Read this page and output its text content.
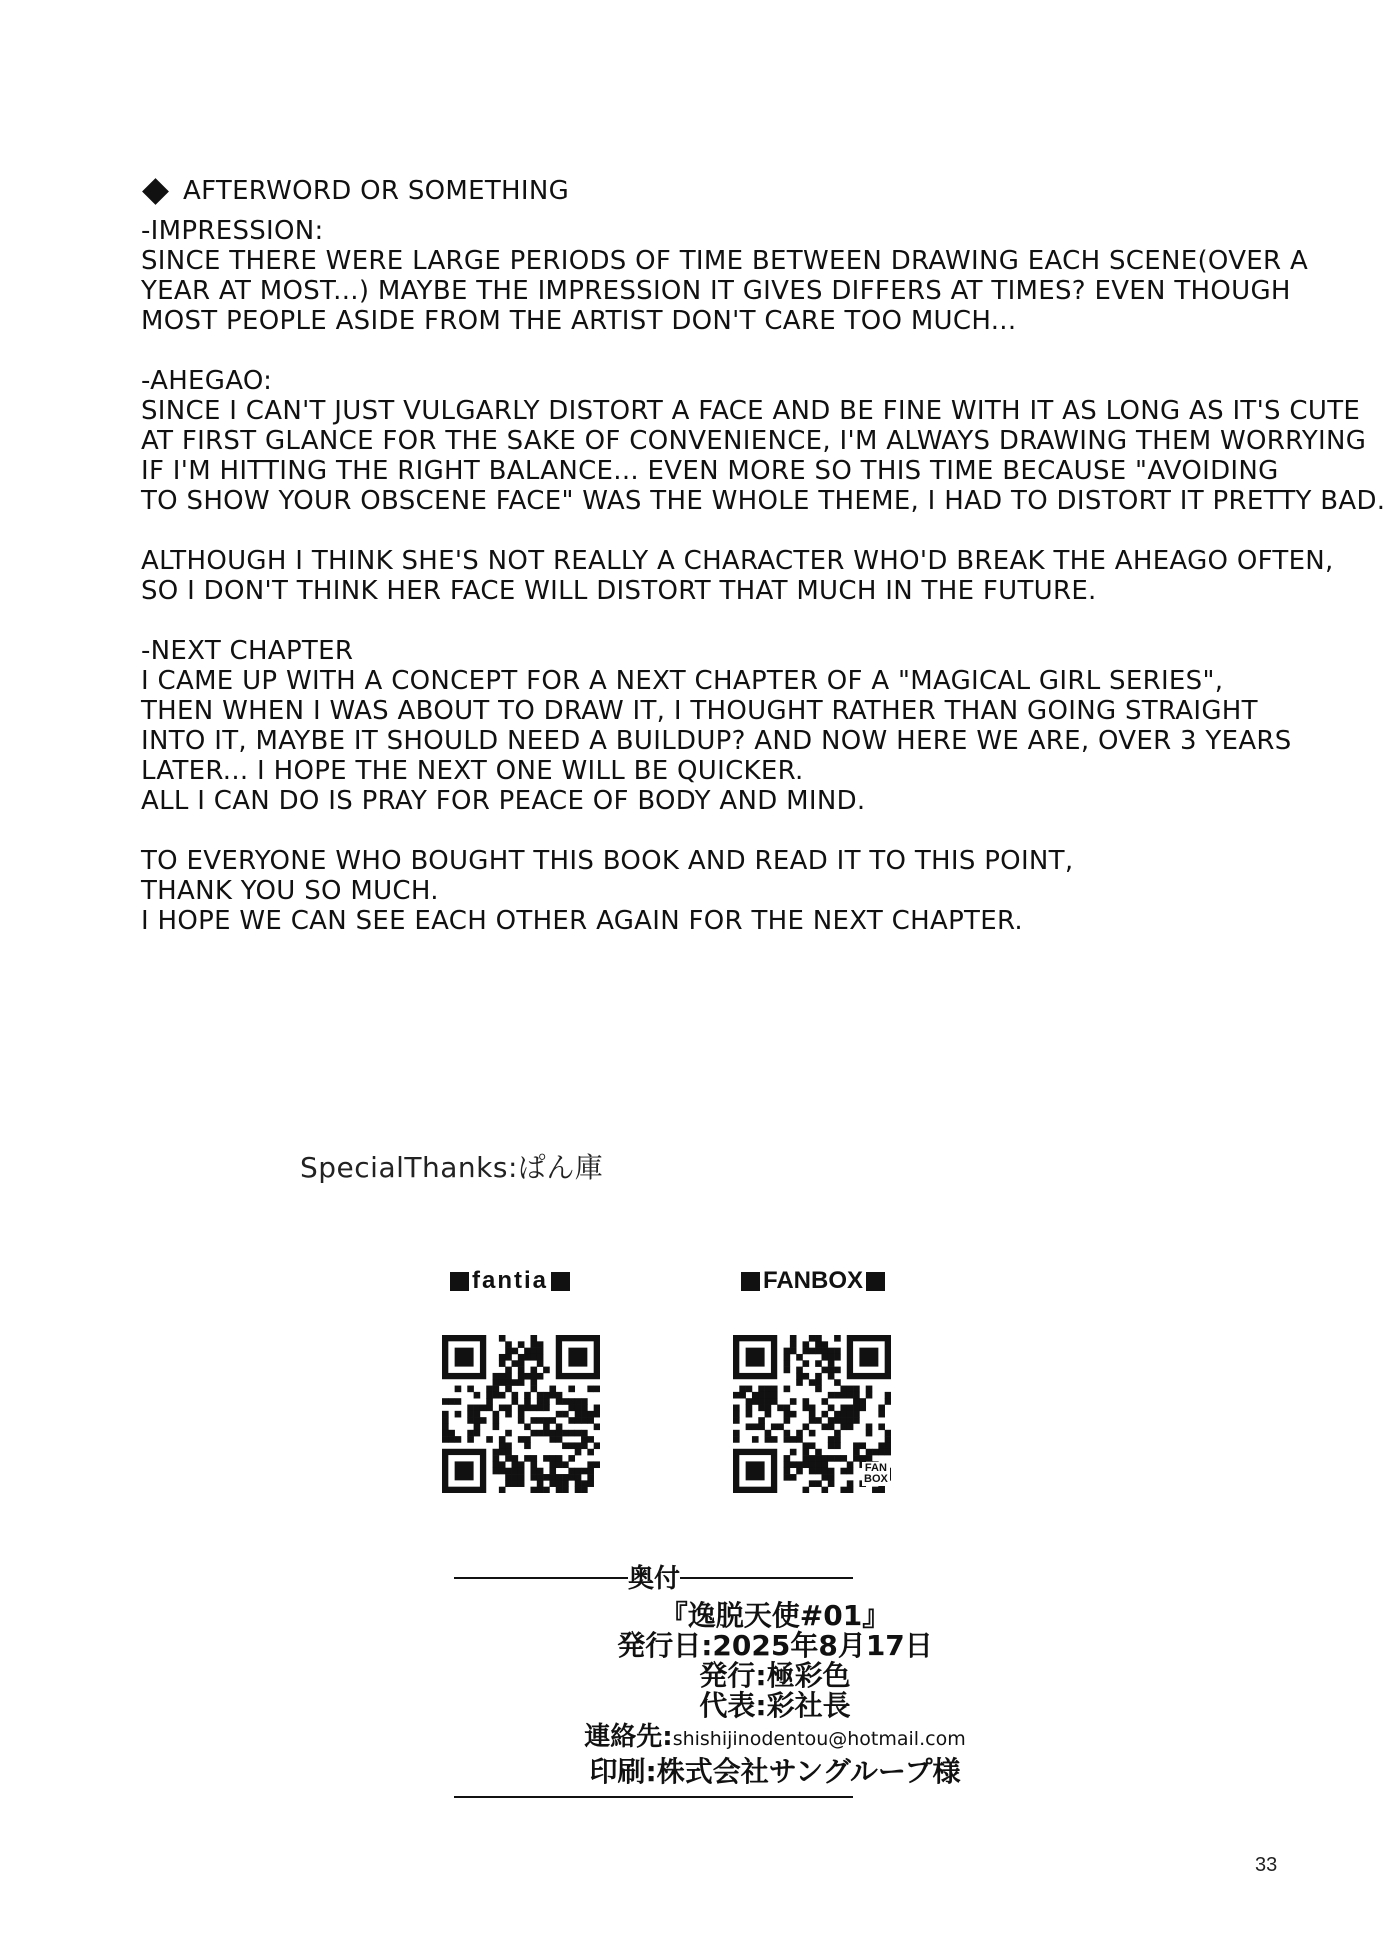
AFTERWORD OR SOMETHING
-IMPRESSION:
SINCE THERE WERE LARGE PERIODS OF TIME BETWEEN DRAWING EACH SCENE(OVER A
YEAR AT MOST...) MAYBE THE IMPRESSION IT GIVES DIFFERS AT TIMES? EVEN THOUGH
MOST PEOPLE ASIDE FROM THE ARTIST DON'T CARE TOO MUCH...
-AHEGAO:
SINCE I CAN'T JUST VULGARLY DISTORT A FACE AND BE FINE WITH IT AS LONG AS IT'S CUTE
AT FIRST GLANCE FOR THE SAKE OF CONVENIENCE, I'M ALWAYS DRAWING THEM WORRYING
IF I'M HITTING THE RIGHT BALANCE... EVEN MORE SO THIS TIME BECAUSE "AVOIDING
TO SHOW YOUR OBSCENE FACE" WAS THE WHOLE THEME, I HAD TO DISTORT IT PRETTY BAD.
ALTHOUGH I THINK SHE'S NOT REALLY A CHARACTER WHO'D BREAK THE AHEAGO OFTEN,
SO I DON'T THINK HER FACE WILL DISTORT THAT MUCH IN THE FUTURE.
-NEXT CHAPTER
I CAME UP WITH A CONCEPT FOR A NEXT CHAPTER OF A "MAGICAL GIRL SERIES",
THEN WHEN I WAS ABOUT TO DRAW IT, I THOUGHT RATHER THAN GOING STRAIGHT
INTO IT, MAYBE IT SHOULD NEED A BUILDUP? AND NOW HERE WE ARE, OVER 3 YEARS
LATER... I HOPE THE NEXT ONE WILL BE QUICKER.
ALL I CAN DO IS PRAY FOR PEACE OF BODY AND MIND.
TO EVERYONE WHO BOUGHT THIS BOOK AND READ IT TO THIS POINT,
THANK YOU SO MUCH.
I HOPE WE CAN SEE EACH OTHER AGAIN FOR THE NEXT CHAPTER.
SpecialThanks:ぱん庫
fantia	FANBOX
FAN
BOX
奥付
『逸脱天使#01』
発行日:2025年8月17日
発行:極彩色
代表:彩社長
連絡先:shishijinodentou@hotmail.com
印刷:株式会社サングループ様
33
